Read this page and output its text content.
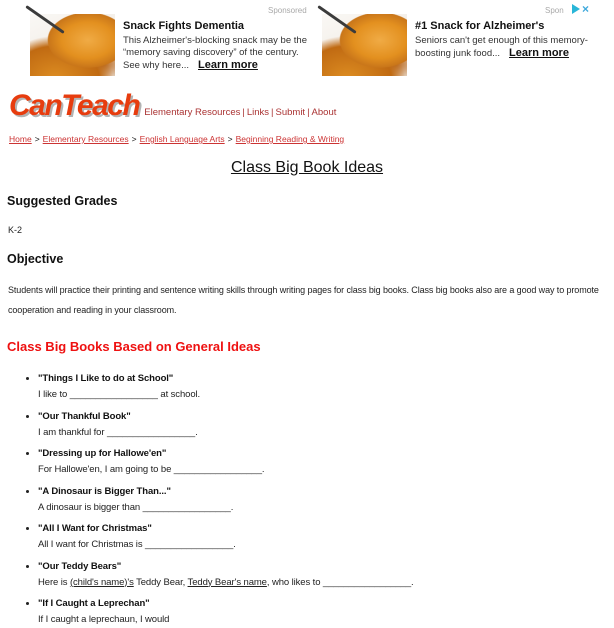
Sponsored	Spon ×
Snack Fights Dementia
This Alzheimer's-blocking snack may be the “memory saving discovery” of the century. See why here... Learn more
#1 Snack for Alzheimer's
Seniors can't get enough of this memory-boosting junk food... Learn more
CanTeach Elementary Resources | Links | Submit | About
Home > Elementary Resources > English Language Arts > Beginning Reading & Writing
Class Big Book Ideas
Suggested Grades
K-2
Objective

Students will practice their printing and sentence writing skills through writing pages for class big books. Class big books also are a good way to promote cooperation and reading in your classroom.

Class Big Books Based on General Ideas
• "Things I Like to do at School"
I like to _________________ at school.
• "Our Thankful Book"
I am thankful for _________________.
• "Dressing up for Hallowe'en"
For Hallowe'en, I am going to be _________________.
• "A Dinosaur is Bigger Than..."
A dinosaur is bigger than _________________.
• "All I Want for Christmas"
All I want for Christmas is _________________.
• "Our Teddy Bears"
Here is (child's name)'s Teddy Bear, Teddy Bear's name, who likes to _________________.
• "If I Caught a Leprechan"
If I caught a leprechaun, I would
